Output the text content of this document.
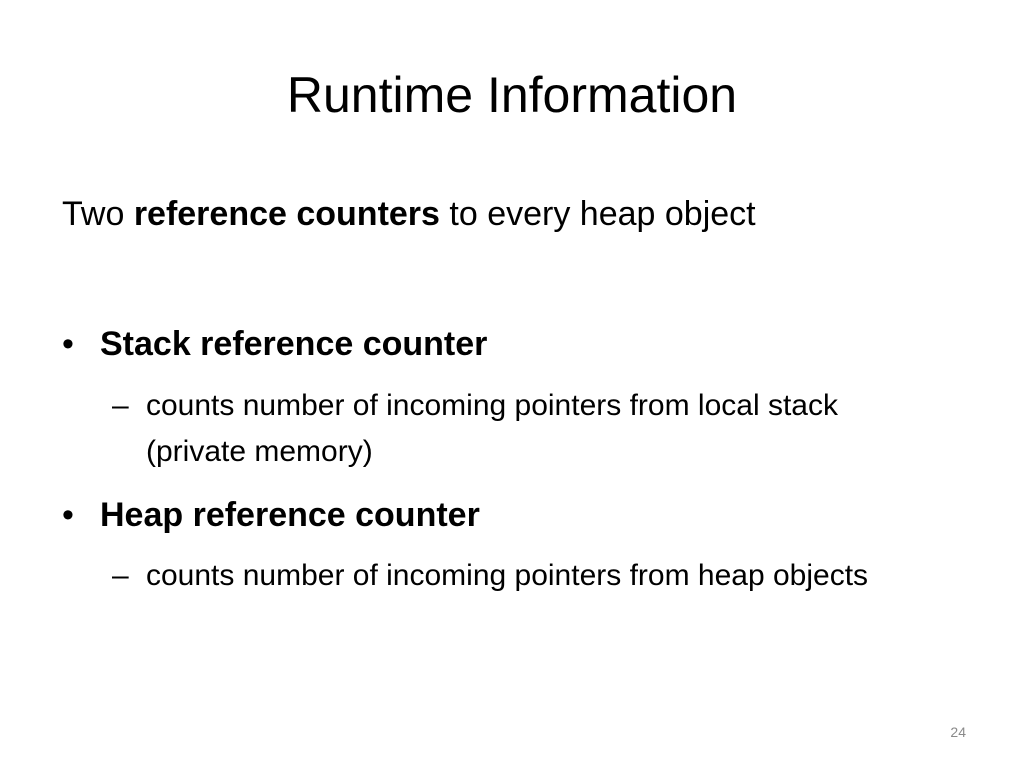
Runtime Information
Two reference counters to every heap object
• Stack reference counter
– counts number of incoming pointers from local stack (private memory)
• Heap reference counter
– counts number of incoming pointers from heap objects
24
